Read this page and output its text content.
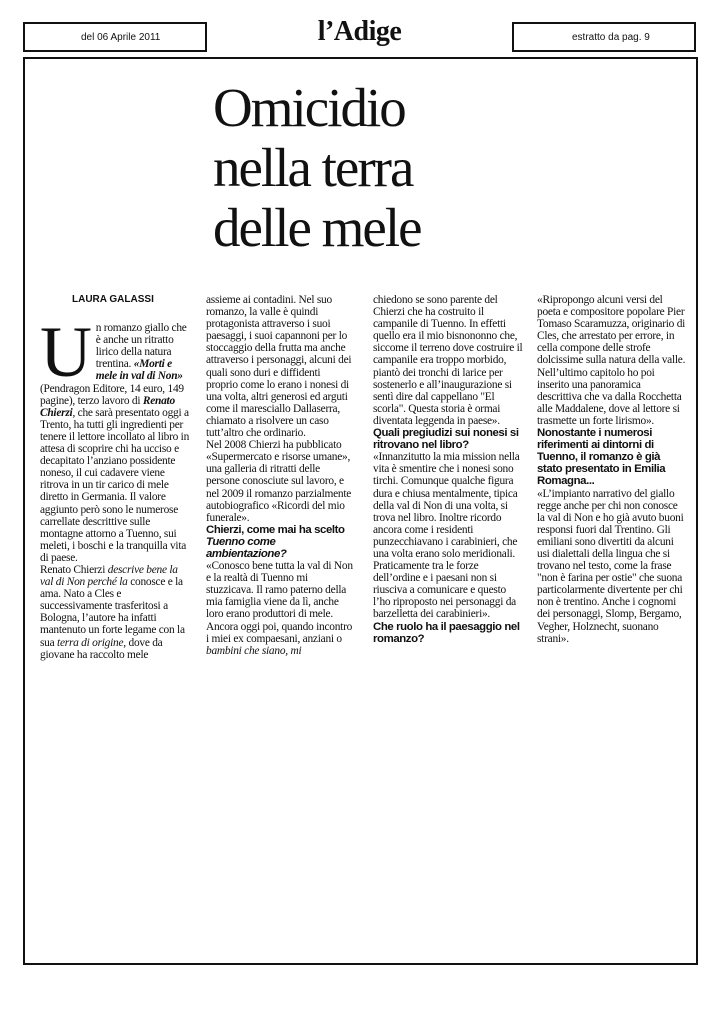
del 06 Aprile 2011	l’Adige	estratto da pag. 9
Omicidio
nella terra
delle mele

LAURA GALASSI

Un romanzo giallo che è anche un ritratto lirico della natura trentina. «Morti e mele in val di Non» (Pendragon Editore, 14 euro, 149 pagine), terzo lavoro di Renato Chierzi, che sarà presentato oggi a Trento, ha tutti gli ingredienti per tenere il lettore incollato al libro in attesa di scoprire chi ha ucciso e decapitato l’anziano possidente noneso, il cui cadavere viene ritrova in un tir carico di mele diretto in Germania. Il valore aggiunto però sono le numerose carrellate descrittive sulle montagne attorno a Tuenno, sui meleti, i boschi e la tranquilla vita di paese.

Renato Chierzi descrive bene la val di Non perché la conosce e la ama. Nato a Cles e successivamente trasferitosi a Bologna, l’autore ha infatti mantenuto un forte legame con la sua terra di origine, dove da giovane ha raccolto mele

assieme ai contadini. Nel suo romanzo, la valle è quindi protagonista attraverso i suoi paesaggi, i suoi capannoni per lo stoccaggio della frutta ma anche attraverso i personaggi, alcuni dei quali sono duri e diffidenti proprio come lo erano i nonesi di una volta, altri generosi ed arguti come il maresciallo Dallaserra, chiamato a risolvere un caso tutt’altro che ordinario.

Nel 2008 Chierzi ha pubblicato «Supermercato e risorse umane», una galleria di ritratti delle persone conosciute sul lavoro, e nel 2009 il romanzo parzialmente autobiografico «Ricordi del mio funerale».

Chierzi, come mai ha scelto Tuenno come ambientazione?

«Conosco bene tutta la val di Non e la realtà di Tuenno mi stuzzicava. Il ramo paterno della mia famiglia viene da lì, anche loro erano produttori di mele. Ancora oggi poi, quando incontro i miei ex compaesani, anziani o bambini che siano, mi

chiedono se sono parente del Chierzi che ha costruito il campanile di Tuenno. In effetti quello era il mio bisnononno che, siccome il terreno dove costruire il campanile era troppo morbido, piantò dei tronchi di larice per sostenerlo e all’inaugurazione si sentì dire dal cappellano "El scorla". Questa storia è ormai diventata leggenda in paese».

Quali pregiudizi sui nonesi si ritrovano nel libro?

«Innanzitutto la mia mission nella vita è smentire che i nonesi sono tirchi. Comunque qualche figura dura e chiusa mentalmente, tipica della val di Non di una volta, si trova nel libro. Inoltre ricordo ancora come i residenti punzecchiavano i carabinieri, che una volta erano solo meridionali. Praticamente tra le forze dell’ordine e i paesani non si riusciva a comunicare e questo l’ho riproposto nei personaggi da barzelletta dei carabinieri».

Che ruolo ha il paesaggio nel romanzo?

«Ripropongo alcuni versi del poeta e compositore popolare Pier Tomaso Scaramuzza, originario di Cles, che arrestato per errore, in cella compone delle strofe dolcissime sulla natura della valle. Nell’ultimo capitolo ho poi inserito una panoramica descrittiva che va dalla Rocchetta alle Maddalene, dove al lettore si trasmette un forte lirismo».

Nonostante i numerosi riferimenti ai dintorni di Tuenno, il romanzo è già stato presentato in Emilia Romagna...

«L’impianto narrativo del giallo regge anche per chi non conosce la val di Non e ho già avuto buoni responsi fuori dal Trentino. Gli emiliani sono divertiti da alcuni usi dialettali della lingua che si trovano nel testo, come la frase "non è farina per ostie" che suona particolarmente divertente per chi non è trentino. Anche i cognomi dei personaggi, Slomp, Bergamo, Vegher, Holznecht, suonano strani».
